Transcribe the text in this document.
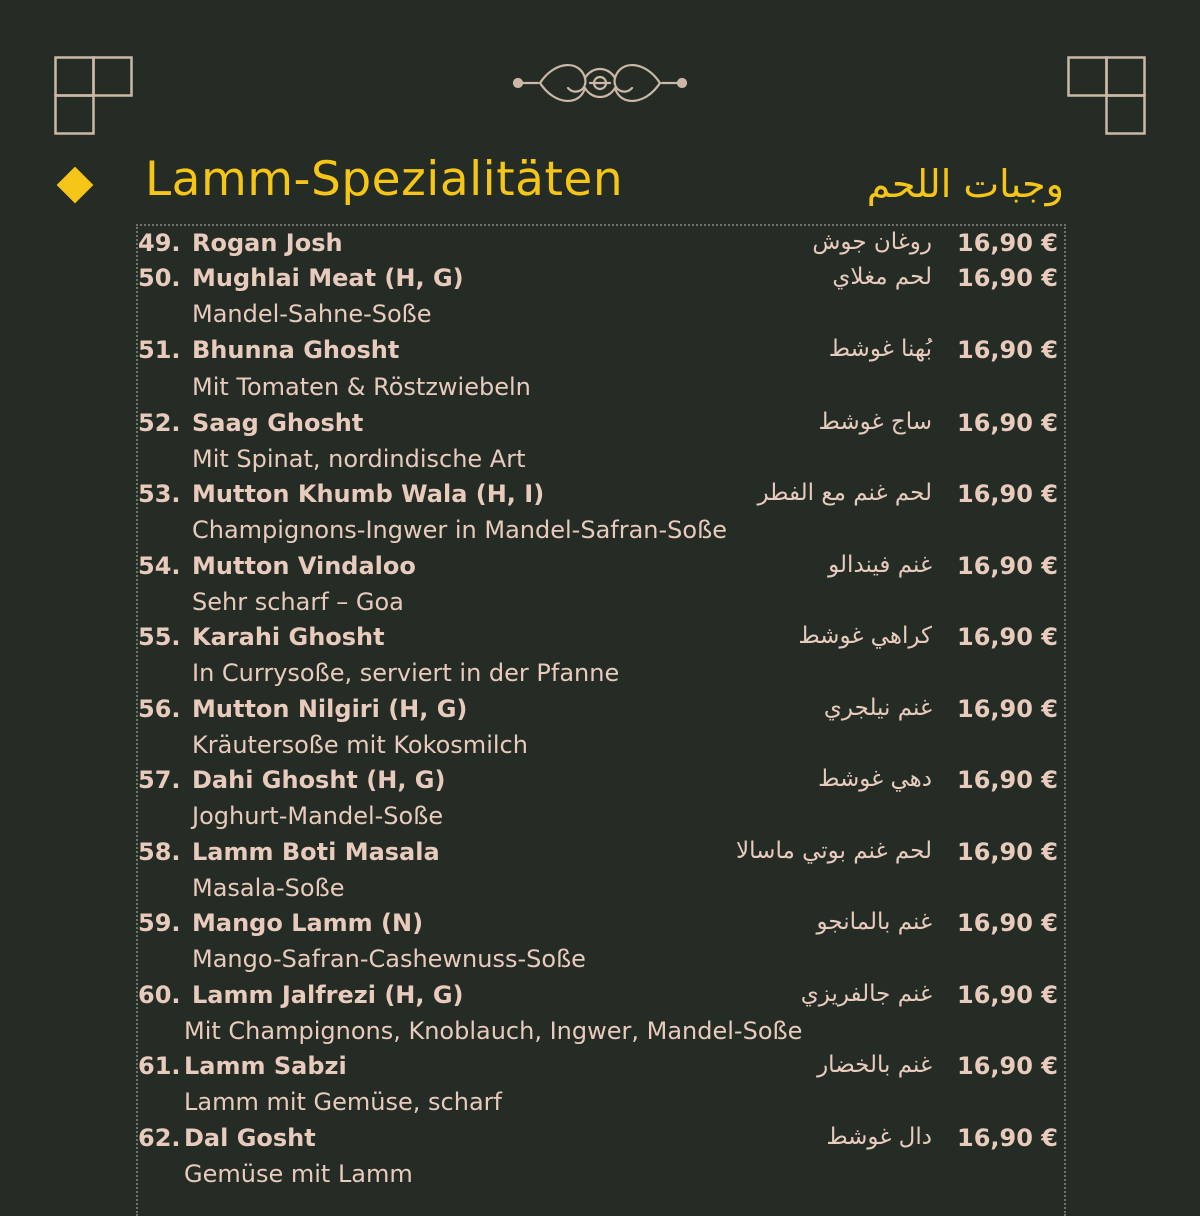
Lamm-Spezialitäten	وجبات اللحم
49. Rogan Josh	روغان جوش 16,90 €
50. Mughlai Meat (H, G)	لحم مغلاي 16,90 €
Mandel-Sahne-Soße
51. Bhunna Ghosht	بُهنا غوشط 16,90 €
Mit Tomaten & Röstzwiebeln
52. Saag Ghosht	ساج غوشط 16,90 €
Mit Spinat, nordindische Art
53. Mutton Khumb Wala (H, I)	لحم غنم مع الفطر 16,90 €
Champignons-Ingwer in Mandel-Safran-Soße
54. Mutton Vindaloo	غنم فيندالو 16,90 €
Sehr scharf – Goa
55. Karahi Ghosht	كراهي غوشط 16,90 €
In Currysoße, serviert in der Pfanne
56. Mutton Nilgiri (H, G)	غنم نيلجري 16,90 €
Kräutersoße mit Kokosmilch
57. Dahi Ghosht (H, G)	دهي غوشط 16,90 €
Joghurt-Mandel-Soße
58. Lamm Boti Masala	لحم غنم بوتي ماسالا 16,90 €
Masala-Soße
59. Mango Lamm (N)	غنم بالمانجو 16,90 €
Mango-Safran-Cashewnuss-Soße
60. Lamm Jalfrezi (H, G)	غنم جالفريزي 16,90 €
Mit Champignons, Knoblauch, Ingwer, Mandel-Soße
61. Lamm Sabzi	غنم بالخضار 16,90 €
Lamm mit Gemüse, scharf
62. Dal Gosht	دال غوشط 16,90 €
Gemüse mit Lamm
